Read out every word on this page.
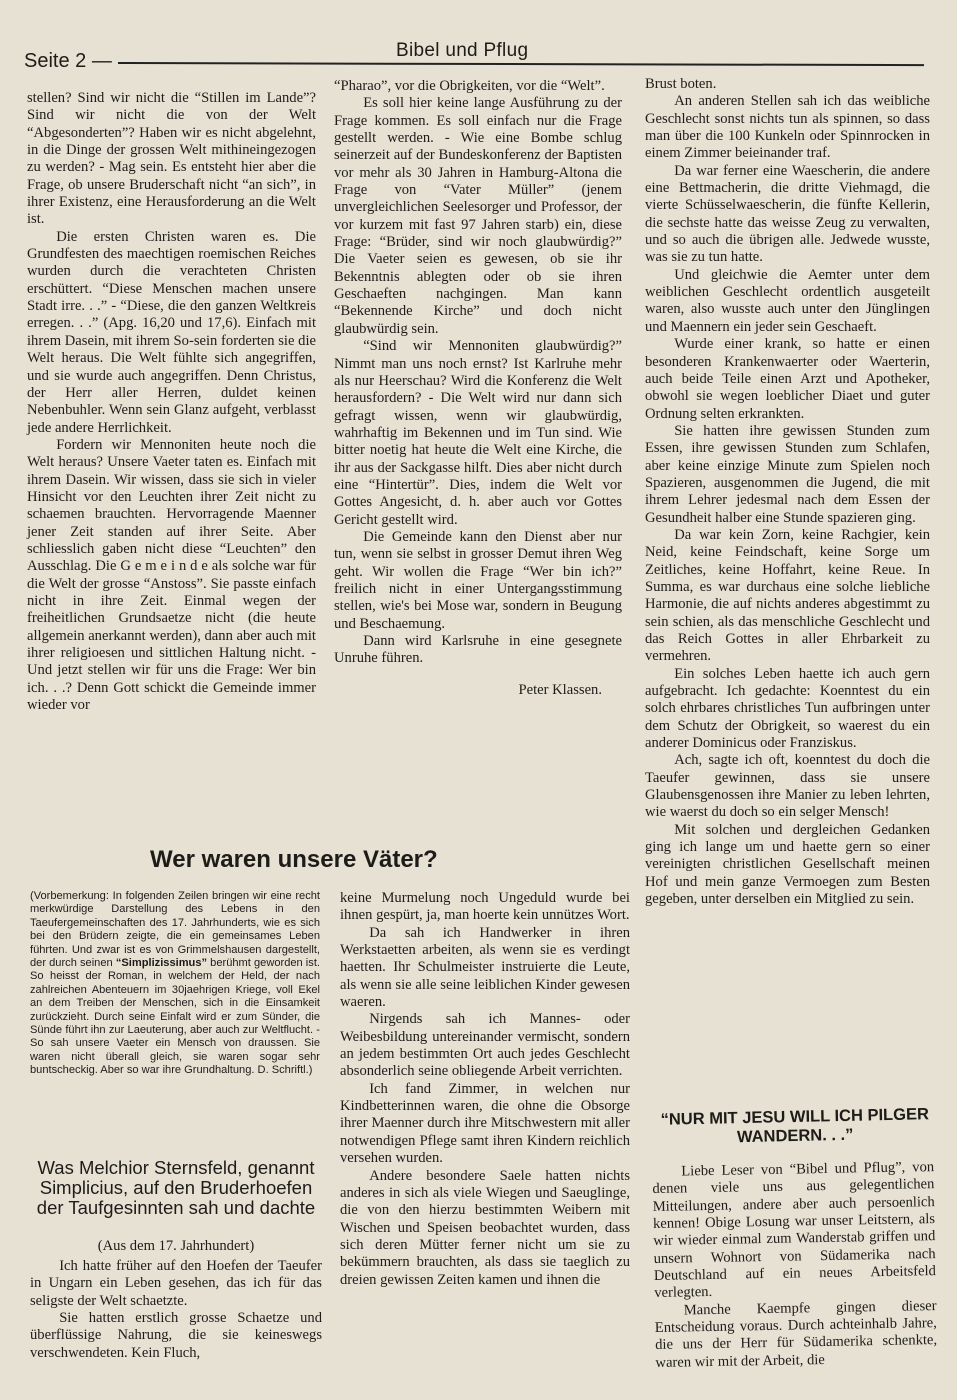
Seite 2 —	Bibel und Pflug

stellen? Sind wir nicht die “Stillen im Lande”? Sind wir nicht die von der Welt “Abgesonderten”? Haben wir es nicht abgelehnt, in die Dinge der grossen Welt mithineingezogen zu werden? - Mag sein. Es entsteht hier aber die Frage, ob unsere Bruderschaft nicht “an sich”, in ihrer Existenz, eine Herausforderung an die Welt ist.

Die ersten Christen waren es. Die Grundfesten des maechtigen roemischen Reiches wurden durch die verachteten Christen erschüttert. “Diese Menschen machen unsere Stadt irre. . .” - “Diese, die den ganzen Weltkreis erregen. . .” (Apg. 16,20 und 17,6). Einfach mit ihrem Dasein, mit ihrem So-sein forderten sie die Welt heraus. Die Welt fühlte sich angegriffen, und sie wurde auch angegriffen. Denn Christus, der Herr aller Herren, duldet keinen Nebenbuhler. Wenn sein Glanz aufgeht, verblasst jede andere Herrlichkeit.

Fordern wir Mennoniten heute noch die Welt heraus? Unsere Vaeter taten es. Einfach mit ihrem Dasein. Wir wissen, dass sie sich in vieler Hinsicht vor den Leuchten ihrer Zeit nicht zu schaemen brauchten. Hervorragende Maenner jener Zeit standen auf ihrer Seite. Aber schliesslich gaben nicht diese “Leuchten” den Ausschlag. Die G e m e i n d e als solche war für die Welt der grosse “Anstoss”. Sie passte einfach nicht in ihre Zeit. Einmal wegen der freiheitlichen Grundsaetze nicht (die heute allgemein anerkannt werden), dann aber auch mit ihrer religioesen und sittlichen Haltung nicht. - Und jetzt stellen wir für uns die Frage: Wer bin ich. . .? Denn Gott schickt die Gemeinde immer wieder vor

“Pharao”, vor die Obrigkeiten, vor die “Welt”.

Es soll hier keine lange Ausführung zu der Frage kommen. Es soll einfach nur die Frage gestellt werden. - Wie eine Bombe schlug seinerzeit auf der Bundeskonferenz der Baptisten vor mehr als 30 Jahren in Hamburg-Altona die Frage von “Vater Müller” (jenem unvergleichlichen Seelesorger und Professor, der vor kurzem mit fast 97 Jahren starb) ein, diese Frage: “Brüder, sind wir noch glaubwürdig?” Die Vaeter seien es gewesen, ob sie ihr Bekenntnis ablegten oder ob sie ihren Geschaeften nachgingen. Man kann “Bekennende Kirche” und doch nicht glaubwürdig sein.

“Sind wir Mennoniten glaubwürdig?” Nimmt man uns noch ernst? Ist Karlruhe mehr als nur Heerschau? Wird die Konferenz die Welt herausfordern? - Die Welt wird nur dann sich gefragt wissen, wenn wir glaubwürdig, wahrhaftig im Bekennen und im Tun sind. Wie bitter noetig hat heute die Welt eine Kirche, die ihr aus der Sackgasse hilft. Dies aber nicht durch eine “Hintertür”. Dies, indem die Welt vor Gottes Angesicht, d. h. aber auch vor Gottes Gericht gestellt wird.

Die Gemeinde kann den Dienst aber nur tun, wenn sie selbst in grosser Demut ihren Weg geht. Wir wollen die Frage “Wer bin ich?” freilich nicht in einer Untergangsstimmung stellen, wie's bei Mose war, sondern in Beugung und Beschaemung.

Dann wird Karlsruhe in eine gesegnete Unruhe führen.

Peter Klassen.

Brust boten.

An anderen Stellen sah ich das weibliche Geschlecht sonst nichts tun als spinnen, so dass man über die 100 Kunkeln oder Spinnrocken in einem Zimmer beieinander traf.

Da war ferner eine Waescherin, die andere eine Bettmacherin, die dritte Viehmagd, die vierte Schüsselwaescherin, die fünfte Kellerin, die sechste hatte das weisse Zeug zu verwalten, und so auch die übrigen alle. Jedwede wusste, was sie zu tun hatte.

Und gleichwie die Aemter unter dem weiblichen Geschlecht ordentlich ausgeteilt waren, also wusste auch unter den Jünglingen und Maennern ein jeder sein Geschaeft.

Wurde einer krank, so hatte er einen besonderen Krankenwaerter oder Waerterin, auch beide Teile einen Arzt und Apotheker, obwohl sie wegen loeblicher Diaet und guter Ordnung selten erkrankten.

Sie hatten ihre gewissen Stunden zum Essen, ihre gewissen Stunden zum Schlafen, aber keine einzige Minute zum Spielen noch Spazieren, ausgenommen die Jugend, die mit ihrem Lehrer jedesmal nach dem Essen der Gesundheit halber eine Stunde spazieren ging.

Da war kein Zorn, keine Rachgier, kein Neid, keine Feindschaft, keine Sorge um Zeitliches, keine Hoffahrt, keine Reue. In Summa, es war durchaus eine solche liebliche Harmonie, die auf nichts anderes abgestimmt zu sein schien, als das menschliche Geschlecht und das Reich Gottes in aller Ehrbarkeit zu vermehren.

Ein solches Leben haette ich auch gern aufgebracht. Ich gedachte: Koenntest du ein solch ehrbares christliches Tun aufbringen unter dem Schutz der Obrigkeit, so waerest du ein anderer Dominicus oder Franziskus.

Ach, sagte ich oft, koenntest du doch die Taeufer gewinnen, dass sie unsere Glaubensgenossen ihre Manier zu leben lehrten, wie waerst du doch so ein selger Mensch!

Mit solchen und dergleichen Gedanken ging ich lange um und haette gern so einer vereinigten christlichen Gesellschaft meinen Hof und mein ganze Vermoegen zum Besten gegeben, unter derselben ein Mitglied zu sein.

Wer waren unsere Väter?
(Vorbemerkung: In folgenden Zeilen bringen wir eine recht merkwürdige Darstellung des Lebens in den Taeufergemeinschaften des 17. Jahrhunderts, wie es sich bei den Brüdern zeigte, die ein gemeinsames Leben führten. Und zwar ist es von Grimmelshausen dargestellt, der durch seinen “Simplizissimus” berühmt geworden ist. So heisst der Roman, in welchem der Held, der nach zahlreichen Abenteuern im 30jaehrigen Kriege, voll Ekel an dem Treiben der Menschen, sich in die Einsamkeit zurückzieht. Durch seine Einfalt wird er zum Sünder, die Sünde führt ihn zur Laeuterung, aber auch zur Weltflucht. - So sah unsere Vaeter ein Mensch von draussen. Sie waren nicht überall gleich, sie waren sogar sehr buntscheckig. Aber so war ihre Grundhaltung. D. Schriftl.)
Was Melchior Sternsfeld, genannt Simplicius, auf den Bruderhoefen der Taufgesinnten sah und dachte
(Aus dem 17. Jahrhundert)

Ich hatte früher auf den Hoefen der Taeufer in Ungarn ein Leben gesehen, das ich für das seligste der Welt schaetzte.

Sie hatten erstlich grosse Schaetze und überflüssige Nahrung, die sie keineswegs verschwendeten. Kein Fluch,

keine Murmelung noch Ungeduld wurde bei ihnen gespürt, ja, man hoerte kein unnützes Wort.

Da sah ich Handwerker in ihren Werkstaetten arbeiten, als wenn sie es verdingt haetten. Ihr Schulmeister instruierte die Leute, als wenn sie alle seine leiblichen Kinder gewesen waeren.

Nirgends sah ich Mannes- oder Weibesbildung untereinander vermischt, sondern an jedem bestimmten Ort auch jedes Geschlecht absonderlich seine obliegende Arbeit verrichten.

Ich fand Zimmer, in welchen nur Kindbetterinnen waren, die ohne die Obsorge ihrer Maenner durch ihre Mitschwestern mit aller notwendigen Pflege samt ihren Kindern reichlich versehen wurden.

Andere besondere Saele hatten nichts anderes in sich als viele Wiegen und Saeuglinge, die von den hierzu bestimmten Weibern mit Wischen und Speisen beobachtet wurden, dass sich deren Mütter ferner nicht um sie zu bekümmern brauchten, als dass sie taeglich zu dreien gewissen Zeiten kamen und ihnen die

“NUR MIT JESU WILL ICH PILGER WANDERN. . .”

Liebe Leser von “Bibel und Pflug”, von denen viele uns aus gelegentlichen Mitteilungen, andere aber auch persoenlich kennen! Obige Losung war unser Leitstern, als wir wieder einmal zum Wanderstab griffen und unsern Wohnort von Südamerika nach Deutschland auf ein neues Arbeitsfeld verlegten.

Manche Kaempfe gingen dieser Entscheidung voraus. Durch achteinhalb Jahre, die uns der Herr für Südamerika schenkte, waren wir mit der Arbeit, die
